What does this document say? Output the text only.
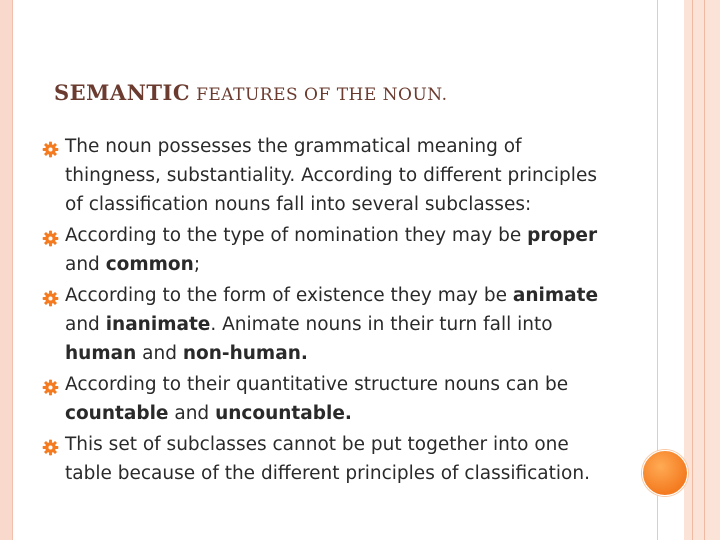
SEMANTIC FEATURES OF THE NOUN.
The noun possesses the grammatical meaning of thingness, substantiality. According to different principles of classification nouns fall into several subclasses:
According to the type of nomination they may be proper and common;
According to the form of existence they may be animate and inanimate. Animate nouns in their turn fall into human and non-human.
According to their quantitative structure nouns can be countable and uncountable.
This set of subclasses cannot be put together into one table because of the different principles of classification.
